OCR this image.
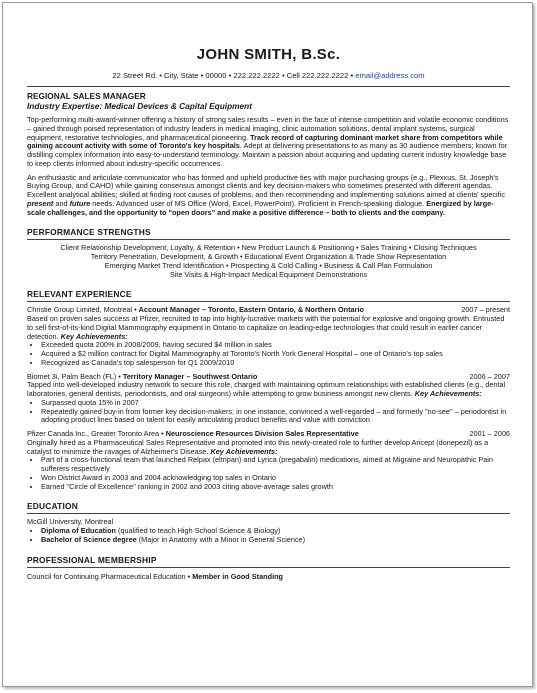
JOHN SMITH, B.Sc.
22 Street Rd. • City, State • 00000 • 222.222.2222 • Cell 222.222.2222 • email@address.com
REGIONAL SALES MANAGER
Industry Expertise: Medical Devices & Capital Equipment

Top-performing multi-award-winner offering a history of strong sales results – even in the face of intense competition and volatile economic conditions – gained through poised representation of industry leaders in medical imaging, clinic automation solutions, dental implant systems, surgical equipment, restorative technologies, and pharmaceutical pioneering. Track record of capturing dominant market share from competitors while gaining account activity with some of Toronto's key hospitals. Adept at delivering presentations to as many as 30 audience members; known for distilling complex information into easy-to-understand terminology. Maintain a passion about acquiring and updating current industry knowledge base to keep clients informed about industry-specific occurrences.

An enthusiastic and articulate communicator who has formed and upheld productive ties with major purchasing groups (e.g., Plexxus, St. Joseph's Buying Group, and CAHO) while gaining consensus amongst clients and key decision-makers who sometimes presented with different agendas. Excellent analytical abilities; skilled at finding root causes of problems, and then recommending and implementing solutions aimed at clients' specific present and future needs. Advanced user of MS Office (Word, Excel, PowerPoint). Proficient in French-speaking dialogue. Energized by large-scale challenges, and the opportunity to "open doors" and make a positive difference – both to clients and the company.

PERFORMANCE STRENGTHS

Client Relationship Development, Loyalty, & Retention • New Product Launch & Positioning • Sales Training • Closing Techniques

Territory Penetration, Development, & Growth • Educational Event Organization & Trade Show Representation

Emerging Market Trend Identification • Prospecting & Cold Calling • Business & Call Plan Formulation

Site Visits & High-Impact Medical Equipment Demonstrations

RELEVANT EXPERIENCE
Christie Group Limited, Montreal • Account Manager – Toronto, Eastern Ontario, & Northern Ontario	2007 – present

Based on proven sales success at Pfizer, recruited to tap into highly-lucrative markets with the potential for explosive and ongoing growth. Entrusted to sell first-of-its-kind Digital Mammography equipment in Ontario to capitalize on leading-edge technologies that could result in earlier cancer detection. Key Achievements:

• Exceeded quota 200% in 2008/2009, having secured $4 million in sales
• Acquired a $2 million contract for Digital Mammography at Toronto's North York General Hospital – one of Ontario's top sales
• Recognized as Canada's top salesperson for Q1 2009/2010
Biomet 3i, Palm Beach (FL) • Territory Manager – Southwest Ontario	2006 – 2007

Tapped into well-developed industry network to secure this role, charged with maintaining optimum relationships with established clients (e.g., dental laboratories, general dentists, periodontists, and oral surgeons) while attempting to grow business amongst new clients. Key Achievements:

• Surpassed quota 15% in 2007
• Repeatedly gained buy-in from former key decision-makers; in one instance, convinced a well-regarded – and formerly "no-see" – periodontist in adopting product lines based on talent for easily articulating product benefits and value with conviction
Pfizer Canada Inc., Greater Toronto Area • Neuroscience Resources Division Sales Representative	2001 – 2006

Originally hired as a Pharmaceutical Sales Representative and promoted into this newly-created role to further develop Aricept (donepezil) as a catalyst to minimize the ravages of Alzheimer's Disease. Key Achievements:

• Part of a cross-functional team that launched Relpax (eltripan) and Lyrica (pregabalin) medications, aimed at Migraine and Neuropathic Pain sufferers respectively
• Won District Award in 2003 and 2004 acknowledging top sales in Ontario
• Earned "Circle of Excellence" ranking in 2002 and 2003 citing above-average sales growth
EDUCATION

McGill University, Montreal

• Diploma of Education (qualified to teach High School Science & Biology)
• Bachelor of Science degree (Major in Anatomy with a Minor in General Science)
PROFESSIONAL MEMBERSHIP

Council for Continuing Pharmaceutical Education • Member in Good Standing
